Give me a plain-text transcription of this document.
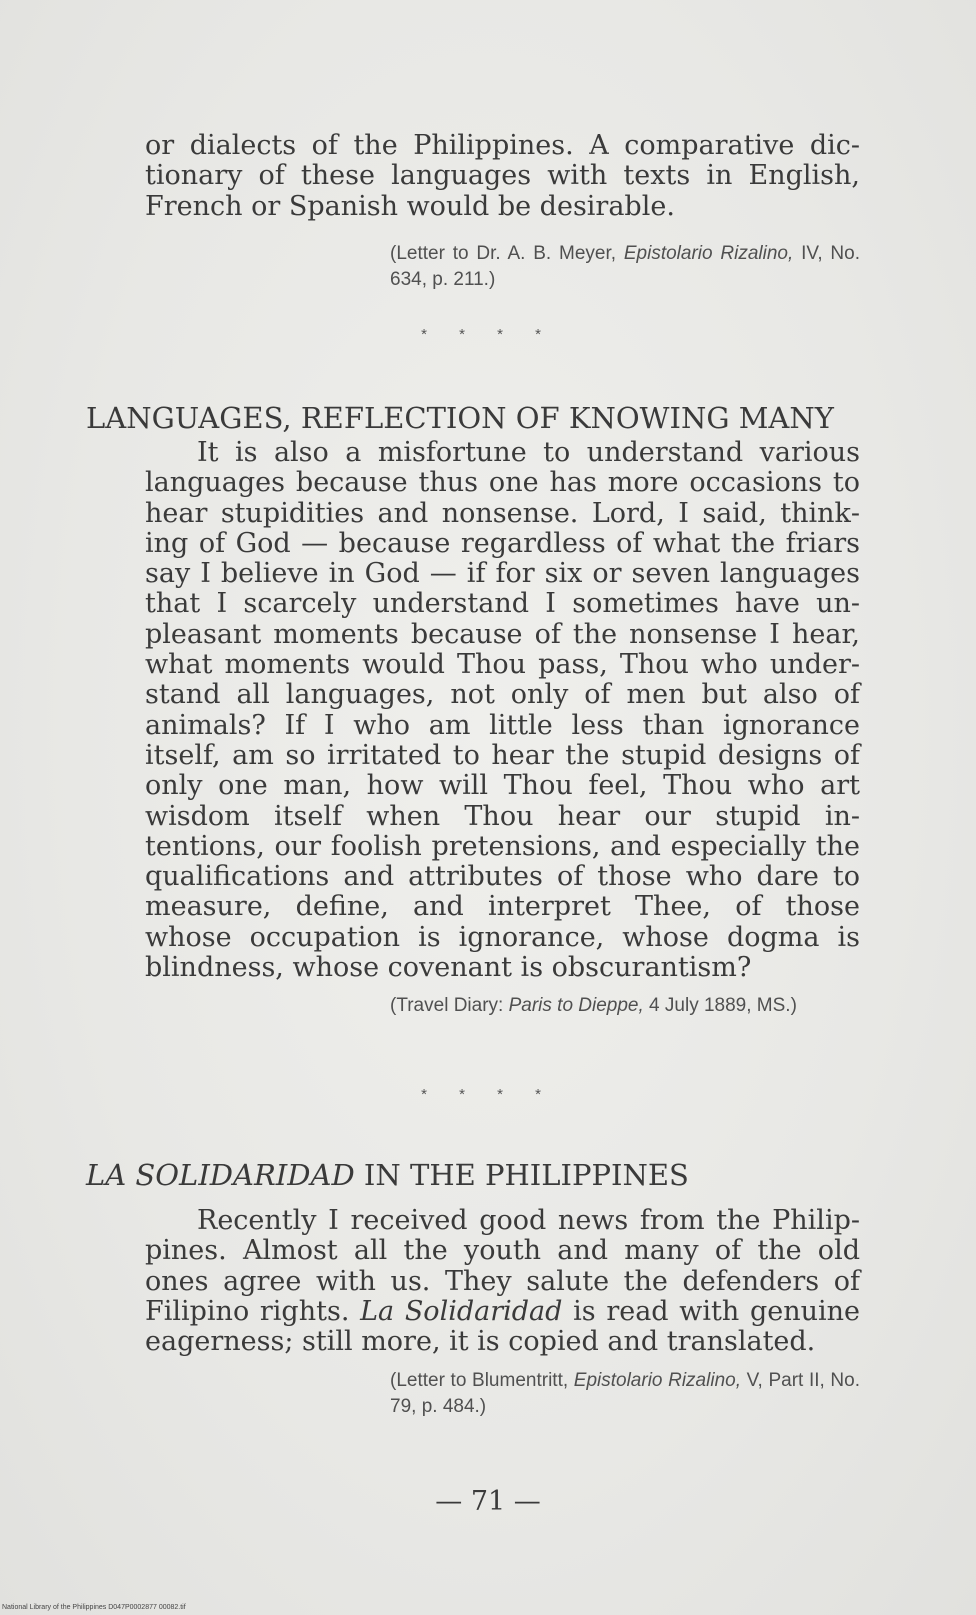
or dialects of the Philippines. A comparative dictionary of these languages with texts in English, French or Spanish would be desirable.
(Letter to Dr. A. B. Meyer, Epistolario Rizalino, IV, No. 634, p. 211.)
* * * *
LANGUAGES, REFLECTION OF KNOWING MANY
It is also a misfortune to understand various languages because thus one has more occasions to hear stupidities and nonsense. Lord, I said, thinking of God — because regardless of what the friars say I believe in God — if for six or seven languages that I scarcely understand I sometimes have unpleasant moments because of the nonsense I hear, what moments would Thou pass, Thou who understand all languages, not only of men but also of animals? If I who am little less than ignorance itself, am so irritated to hear the stupid designs of only one man, how will Thou feel, Thou who art wisdom itself when Thou hear our stupid intentions, our foolish pretensions, and especially the qualifications and attributes of those who dare to measure, define, and interpret Thee, of those whose occupation is ignorance, whose dogma is blindness, whose covenant is obscurantism?
(Travel Diary: Paris to Dieppe, 4 July 1889, MS.)
* * * *
LA SOLIDARIDAD IN THE PHILIPPINES
Recently I received good news from the Philippines. Almost all the youth and many of the old ones agree with us. They salute the defenders of Filipino rights. La Solidaridad is read with genuine eagerness; still more, it is copied and translated.
(Letter to Blumentritt, Epistolario Rizalino, V, Part II, No. 79, p. 484.)
— 71 —
National Library of the Philippines D047P0002877 00082.tif
